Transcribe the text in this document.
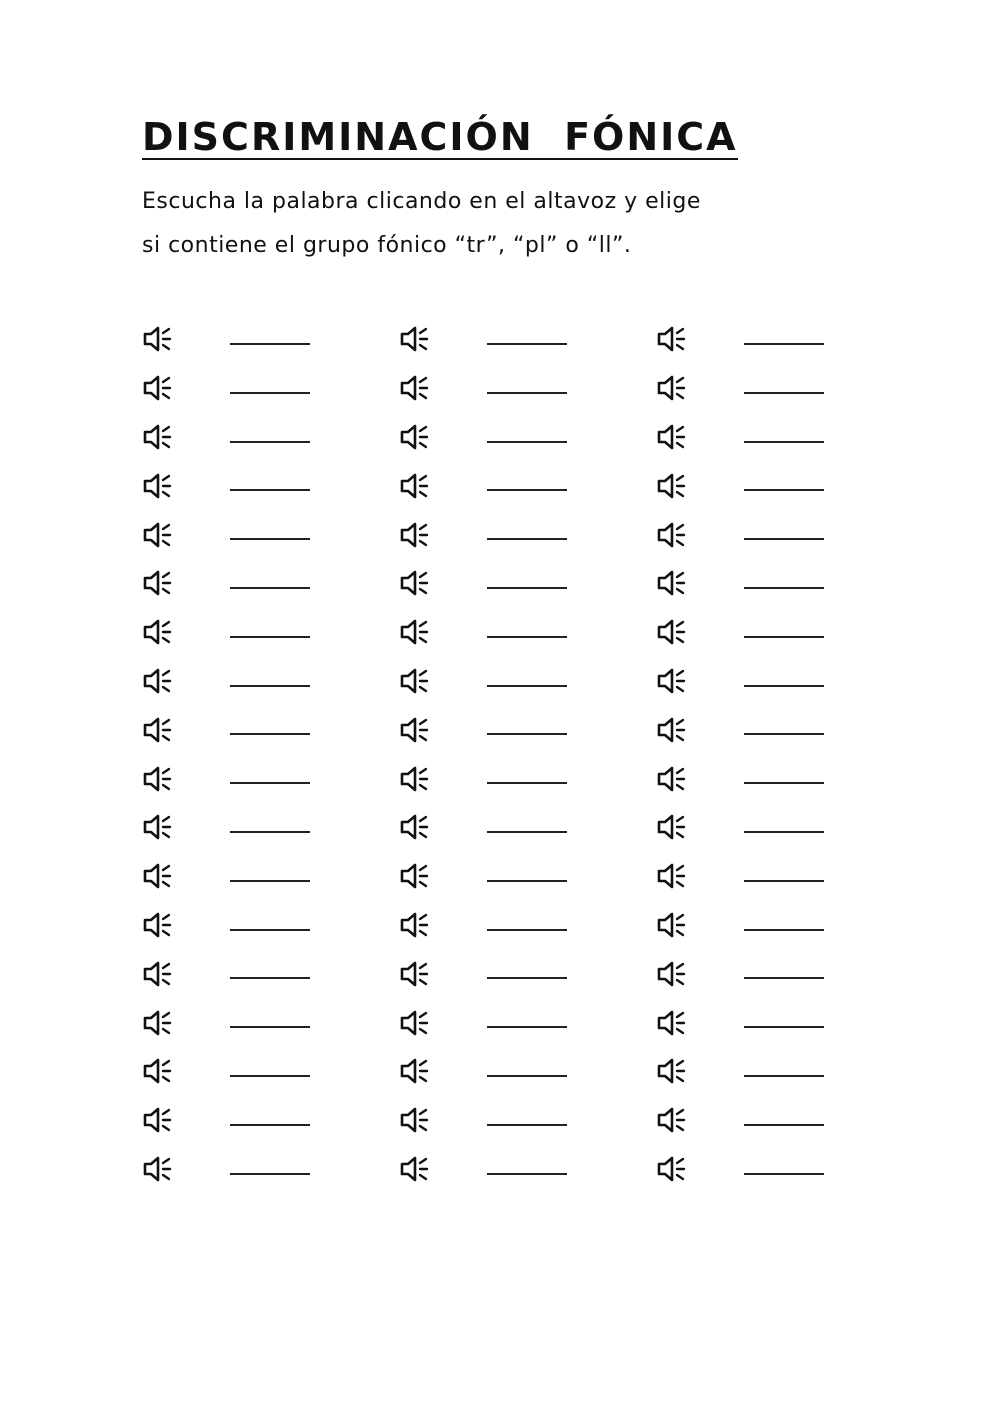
DISCRIMINACIÓN  FÓNICA
Escucha la palabra clicando en el altavoz y elige
si contiene el grupo fónico “tr”, “pl” o “ll”.
